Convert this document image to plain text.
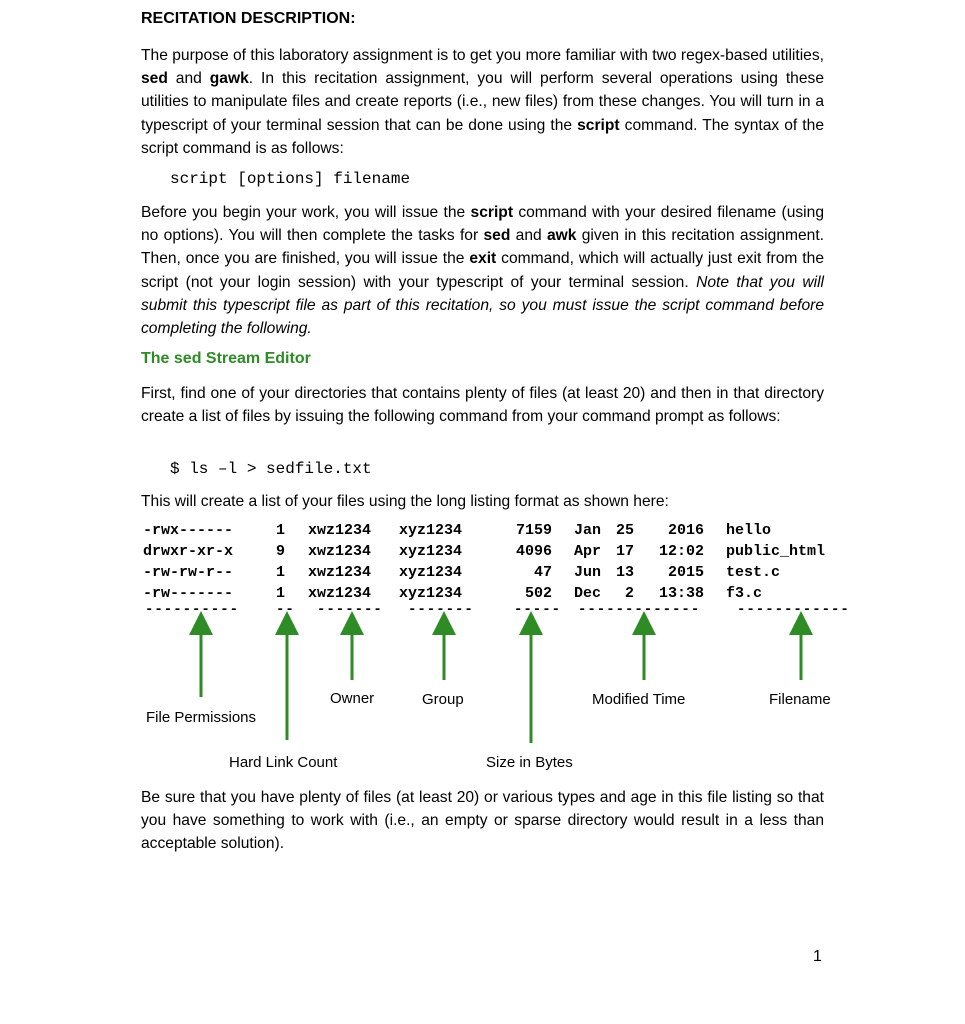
RECITATION DESCRIPTION:
The purpose of this laboratory assignment is to get you more familiar with two regex-based utilities, sed and gawk. In this recitation assignment, you will perform several operations using these utilities to manipulate files and create reports (i.e., new files) from these changes. You will turn in a typescript of your terminal session that can be done using the script command. The syntax of the script command is as follows:
script [options] filename
Before you begin your work, you will issue the script command with your desired filename (using no options). You will then complete the tasks for sed and awk given in this recitation assignment. Then, once you are finished, you will issue the exit command, which will actually just exit from the script (not your login session) with your typescript of your terminal session. Note that you will submit this typescript file as part of this recitation, so you must issue the script command before completing the following.
The sed Stream Editor
First, find one of your directories that contains plenty of files (at least 20) and then in that directory create a list of files by issuing the following command from your command prompt as follows:
$ ls –l > sedfile.txt
This will create a list of your files using the long listing format as shown here:
-rwx------	1	xwz1234	xyz1234	7159	Jan	25	2016	hello
drwxr-xr-x	9	xwz1234	xyz1234	4096	Apr	17	12:02	public_html
-rw-rw-r--	1	xwz1234	xyz1234	47	Jun	13	2015	test.c
-rw-------	1	xwz1234	xyz1234	502	Dec	2	13:38	f3.c
----------	-- ------- -------	----- -------------	------------
File Permissions
Hard Link Count
Owner	Group
Size in Bytes
Modified Time	Filename
Be sure that you have plenty of files (at least 20) or various types and age in this file listing so that you have something to work with (i.e., an empty or sparse directory would result in a less than acceptable solution).
1
